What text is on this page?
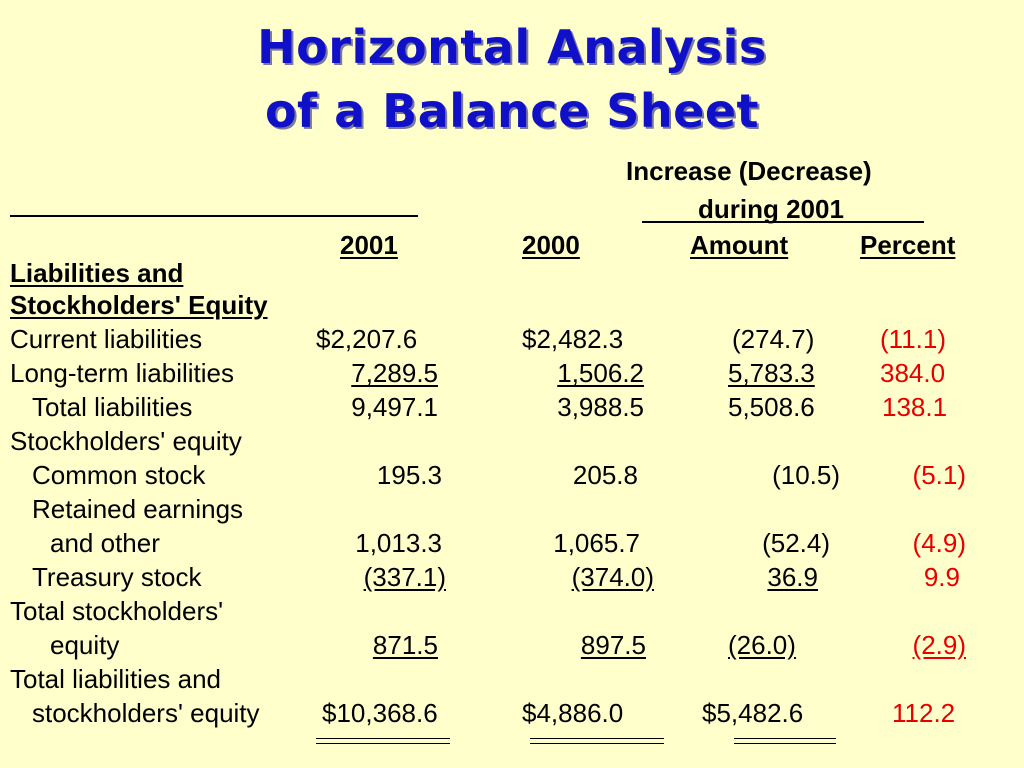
Horizontal Analysis
of a Balance Sheet
Increase (Decrease)
during 2001
2001	2000	Amount	Percent
Liabilities and
Stockholders' Equity
Current liabilities	$2,207.6	$2,482.3	(274.7)	(11.1)
Long-term liabilities	7,289.5	1,506.2	5,783.3	384.0
Total liabilities	9,497.1	3,988.5	5,508.6	138.1
Stockholders' equity
Common stock	195.3	205.8	(10.5)	(5.1)
Retained earnings
and other	1,013.3	1,065.7	(52.4)	(4.9)
Treasury stock	(337.1)	(374.0)	36.9	9.9
Total stockholders'
equity	871.5	897.5	(26.0)	(2.9)
Total liabilities and
stockholders' equity $10,368.6	$4,886.0	$5,482.6	112.2
